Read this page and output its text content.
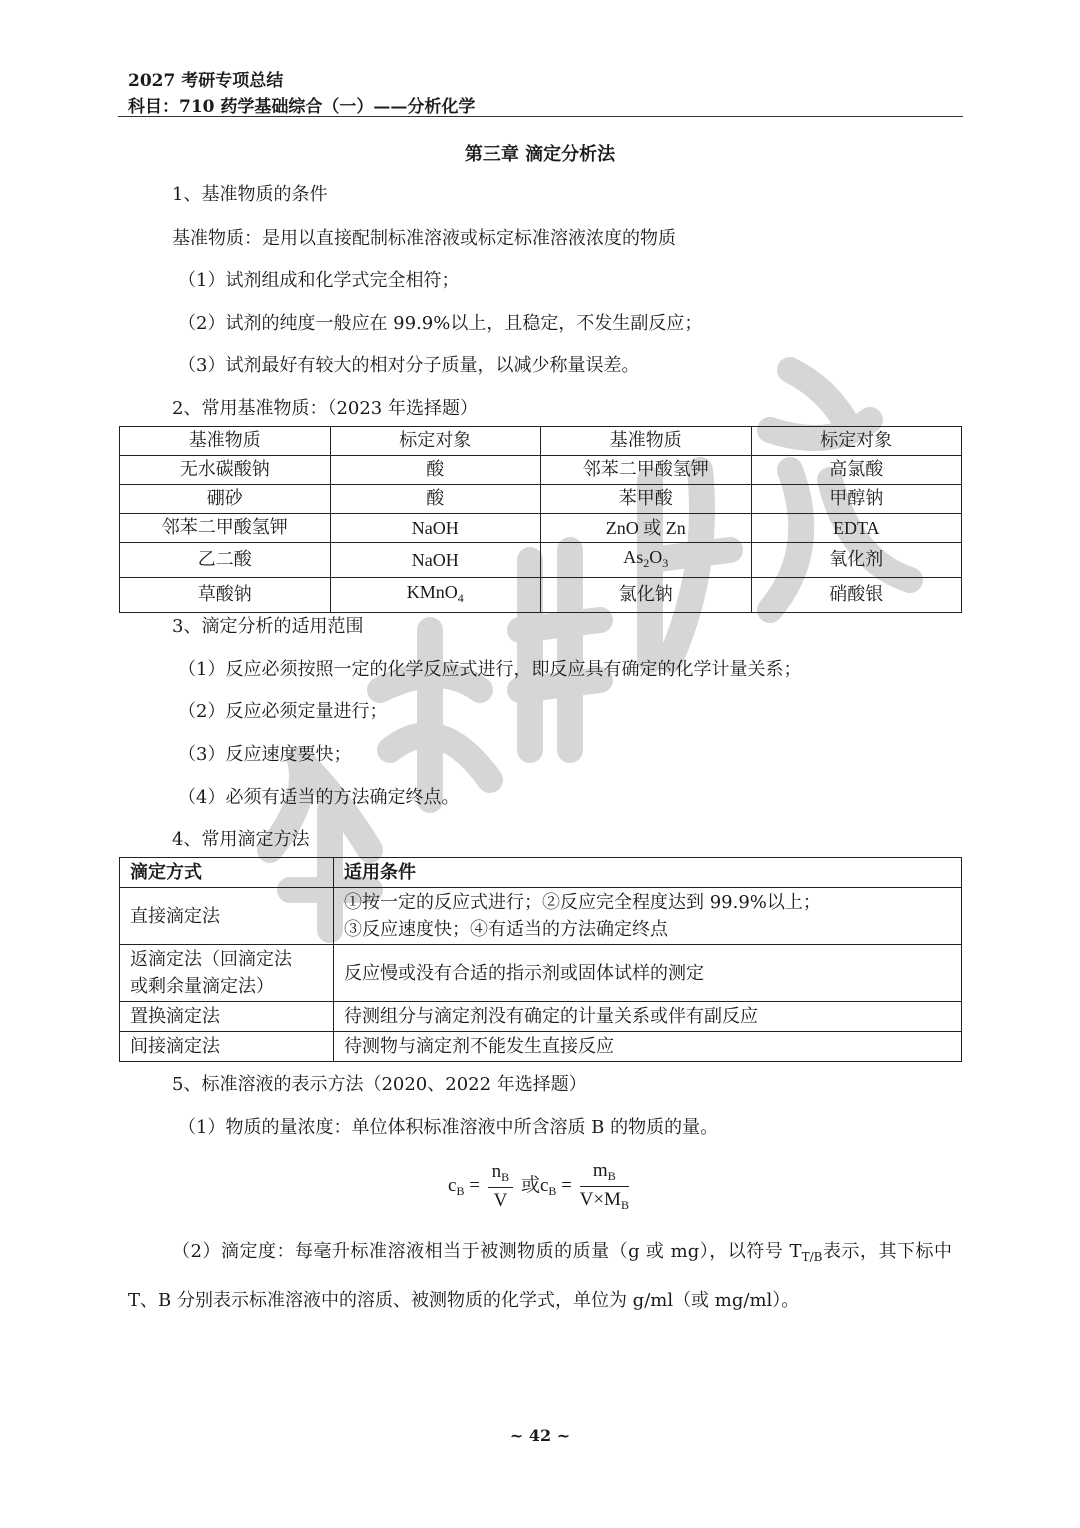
2027 考研专项总结
科目：710 药学基础综合（一）——分析化学
第三章 滴定分析法
1、基准物质的条件
基准物质：是用以直接配制标准溶液或标定标准溶液浓度的物质
（1）试剂组成和化学式完全相符；
（2）试剂的纯度一般应在 99.9%以上，且稳定，不发生副反应；
（3）试剂最好有较大的相对分子质量，以减少称量误差。
2、常用基准物质：（2023 年选择题）
基准物质	标定对象	基准物质	标定对象
无水碳酸钠	酸	邻苯二甲酸氢钾	高氯酸
硼砂	酸	苯甲酸	甲醇钠
邻苯二甲酸氢钾	NaOH	ZnO 或 Zn	EDTA
乙二酸	NaOH	$As_2O_3$	氧化剂
草酸钠	KMnO$_4$	氯化钠	硝酸银
3、滴定分析的适用范围
（1）反应必须按照一定的化学反应式进行，即反应具有确定的化学计量关系；
（2）反应必须定量进行；
（3）反应速度要快；
（4）必须有适当的方法确定终点。
4、常用滴定方法
滴定方式	适用条件
直接滴定法	①按一定的反应式进行；②反应完全程度达到 99.9%以上；
③反应速度快；④有适当的方法确定终点

返滴定法（回滴定法
或剩余量滴定法）	反应慢或没有合适的指示剂或固体试样的测定
置换滴定法	待测组分与滴定剂没有确定的计量关系或伴有副反应
间接滴定法	待测物与滴定剂不能发生直接反应
5、标准溶液的表示方法（2020、2022 年选择题）
（1）物质的量浓度：单位体积标准溶液中所含溶质 B 的物质的量。
$c_B = \frac{n_B}{V}$ 或$c_B = \frac{m_B}{V\times M_B}$
（2）滴定度：每毫升标准溶液相当于被测物质的质量（g 或 mg），以符号 $T_{T/B}$表示，其下标中 T、B 分别表示标准溶液中的溶质、被测物质的化学式，单位为 g/ml（或 mg/ml）。
~ 42 ~
